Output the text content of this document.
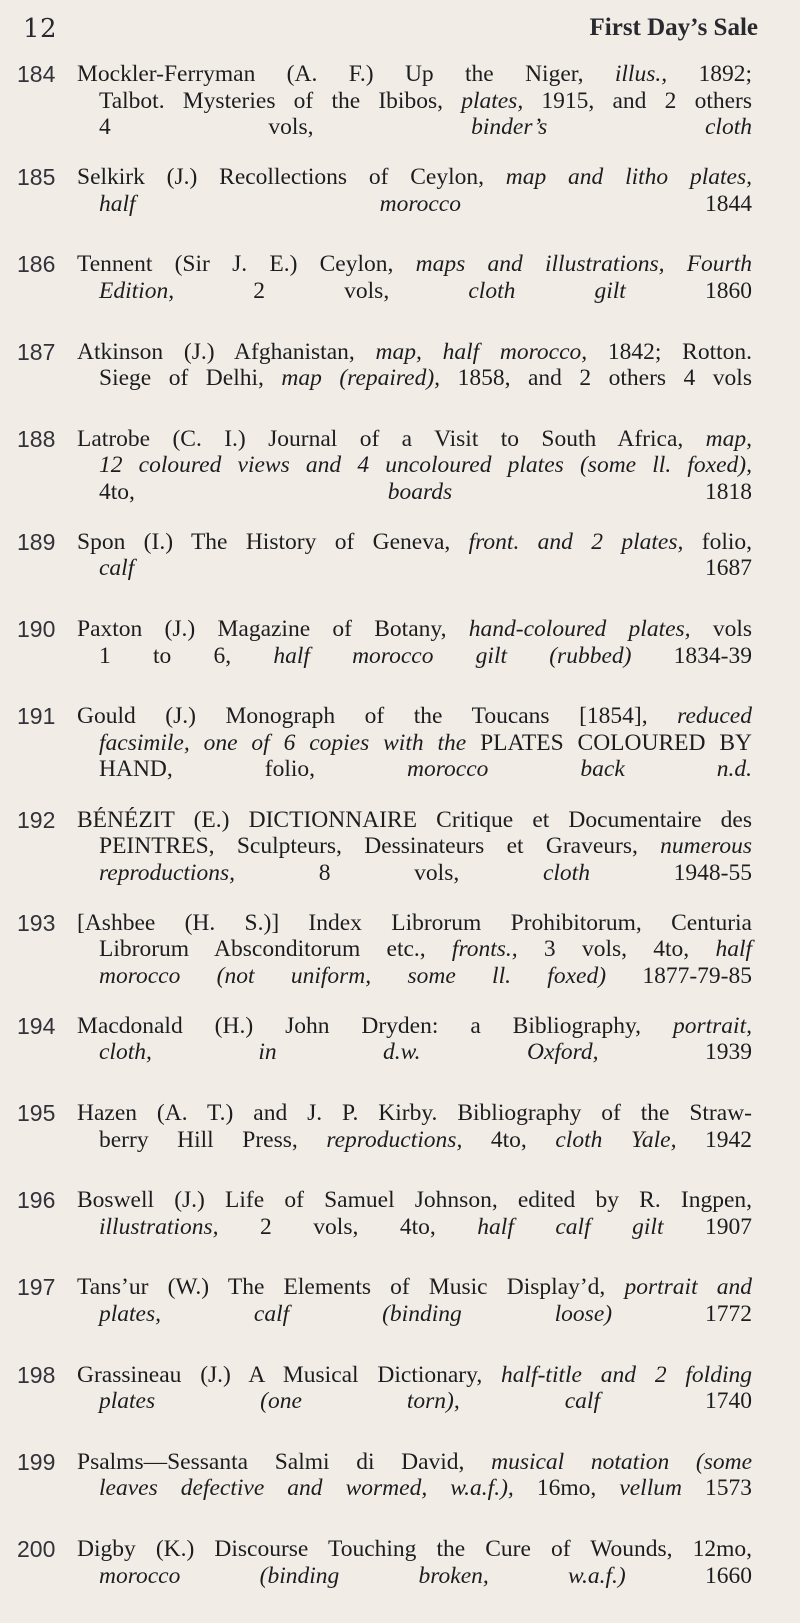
12	First Day’s Sale
184 Mockler-Ferryman (A. F.) Up the Niger, illus., 1892;
Talbot. Mysteries of the Ibibos, plates, 1915, and 2 others
4 vols, binder’s cloth
185 Selkirk (J.) Recollections of Ceylon, map and litho plates,
half morocco 1844
186 Tennent (Sir J. E.) Ceylon, maps and illustrations, Fourth
Edition, 2 vols, cloth gilt 1860
187 Atkinson (J.) Afghanistan, map, half morocco, 1842; Rotton.
Siege of Delhi, map (repaired), 1858, and 2 others 4 vols
188 Latrobe (C. I.) Journal of a Visit to South Africa, map,
12 coloured views and 4 uncoloured plates (some ll. foxed),
4to, boards 1818
189 Spon (I.) The History of Geneva, front. and 2 plates, folio,
calf 1687
190 Paxton (J.) Magazine of Botany, hand-coloured plates, vols
1 to 6, half morocco gilt (rubbed) 1834-39
191 Gould (J.) Monograph of the Toucans [1854], reduced
facsimile, one of 6 copies with the PLATES COLOURED BY
HAND, folio, morocco back	n.d.
192 BÉNÉZIT (E.) DICTIONNAIRE Critique et Documentaire des
PEINTRES, Sculpteurs, Dessinateurs et Graveurs, numerous
reproductions, 8 vols, cloth 1948-55
193 [Ashbee (H. S.)] Index Librorum Prohibitorum, Centuria
Librorum Absconditorum etc., fronts., 3 vols, 4to, half
morocco (not uniform, some ll. foxed) 1877-79-85
194 Macdonald (H.) John Dryden: a Bibliography, portrait,
cloth, in d.w.	Oxford, 1939
195 Hazen (A. T.) and J. P. Kirby. Bibliography of the Straw-
berry Hill Press, reproductions, 4to, cloth Yale, 1942
196 Boswell (J.) Life of Samuel Johnson, edited by R. Ingpen,
illustrations, 2 vols, 4to, half calf gilt 1907
197 Tans’ur (W.) The Elements of Music Display’d, portrait and
plates, calf (binding loose) 1772
198 Grassineau (J.) A Musical Dictionary, half-title and 2 folding
plates (one torn), calf 1740
199 Psalms—Sessanta Salmi di David, musical notation (some
leaves defective and wormed, w.a.f.), 16mo, vellum 1573
200 Digby (K.) Discourse Touching the Cure of Wounds, 12mo,
morocco (binding broken, w.a.f.) 1660
